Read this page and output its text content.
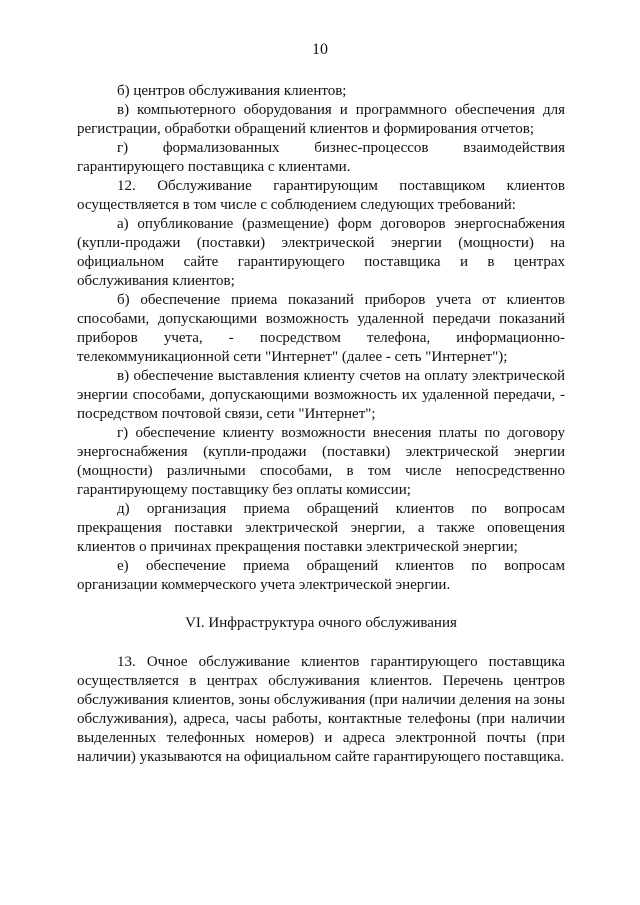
10

б) центров обслуживания клиентов;

в) компьютерного оборудования и программного обеспечения для регистрации, обработки обращений клиентов и формирования отчетов;

г) формализованных бизнес-процессов взаимодействия гарантирующего поставщика с клиентами.

12. Обслуживание гарантирующим поставщиком клиентов осуществляется в том числе с соблюдением следующих требований:

а) опубликование (размещение) форм договоров энергоснабжения (купли-продажи (поставки) электрической энергии (мощности) на официальном сайте гарантирующего поставщика и в центрах обслуживания клиентов;

б) обеспечение приема показаний приборов учета от клиентов способами, допускающими возможность удаленной передачи показаний приборов учета, - посредством телефона, информационно-телекоммуникационной сети "Интернет" (далее - сеть "Интернет");

в) обеспечение выставления клиенту счетов на оплату электрической энергии способами, допускающими возможность их удаленной передачи, - посредством почтовой связи, сети "Интернет";

г) обеспечение клиенту возможности внесения платы по договору энергоснабжения (купли-продажи (поставки) электрической энергии (мощности) различными способами, в том числе непосредственно гарантирующему поставщику без оплаты комиссии;

д) организация приема обращений клиентов по вопросам прекращения поставки электрической энергии, а также оповещения клиентов о причинах прекращения поставки электрической энергии;

е) обеспечение приема обращений клиентов по вопросам организации коммерческого учета электрической энергии.

VI. Инфраструктура очного обслуживания

13. Очное обслуживание клиентов гарантирующего поставщика осуществляется в центрах обслуживания клиентов. Перечень центров обслуживания клиентов, зоны обслуживания (при наличии деления на зоны обслуживания), адреса, часы работы, контактные телефоны (при наличии выделенных телефонных номеров) и адреса электронной почты (при наличии) указываются на официальном сайте гарантирующего поставщика.
